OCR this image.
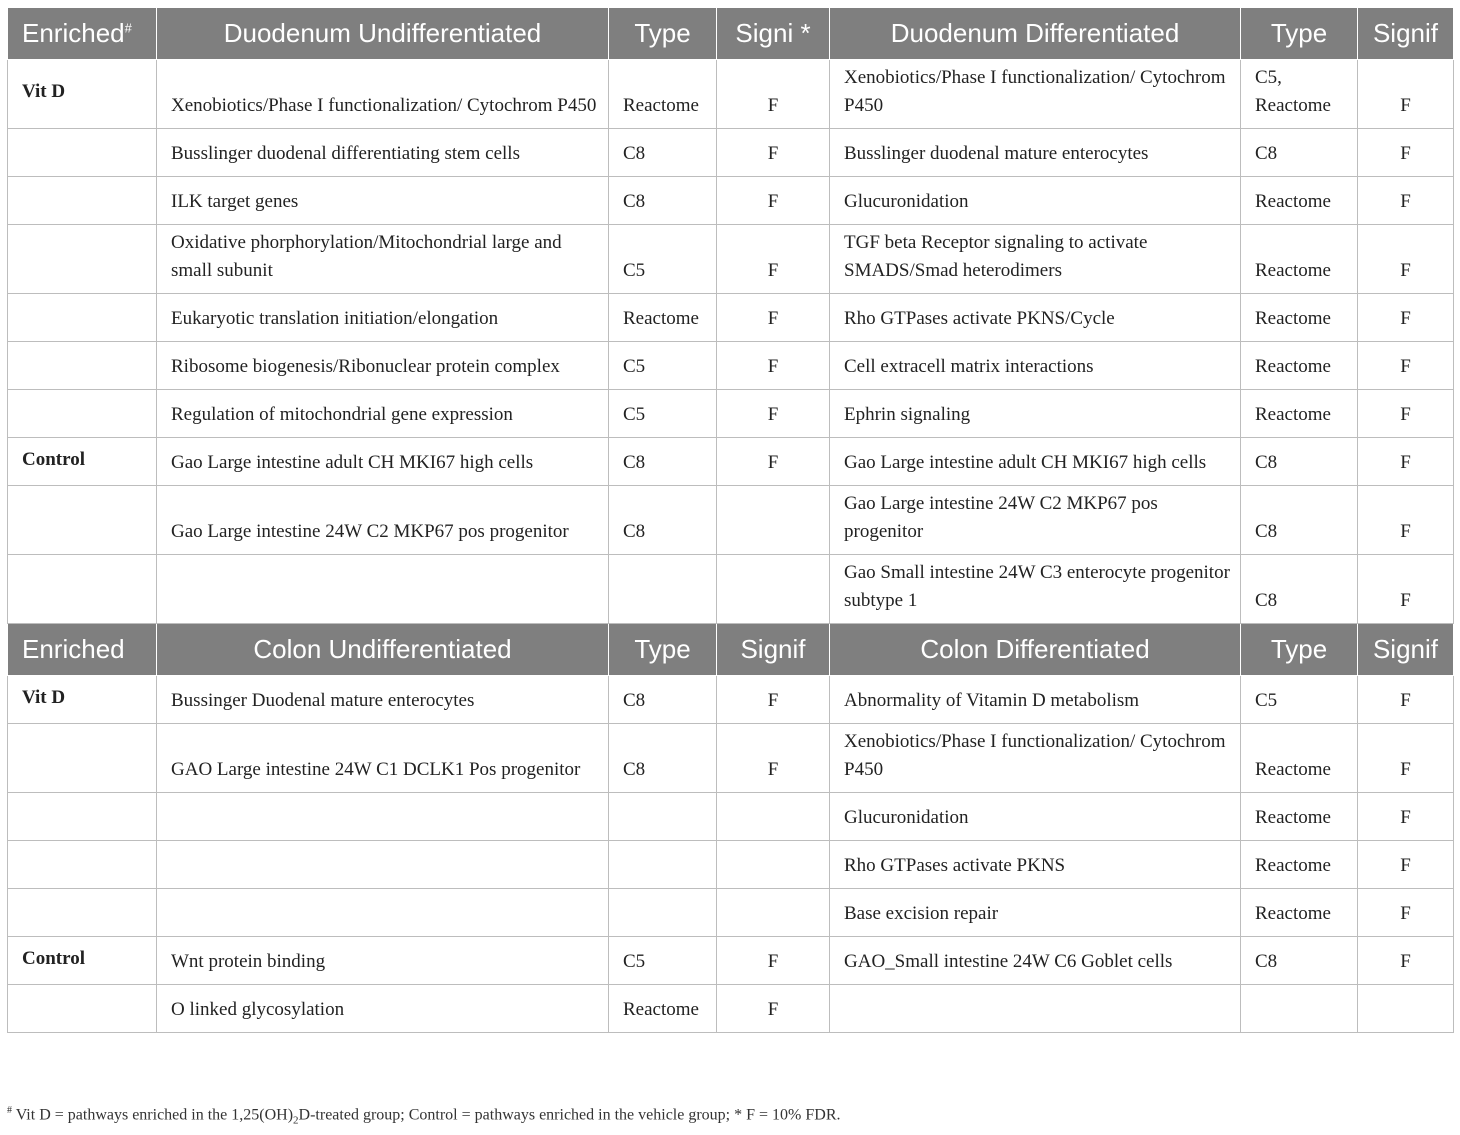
Enriched#	Duodenum Undifferentiated	Type	Signi *	Duodenum Differentiated	Type	Signif
Vit D	Xenobiotics/Phase I functionalization/ Cytochrom P450	Reactome	F	Xenobiotics/Phase I functionalization/ Cytochrom P450	C5, Reactome	F
	Busslinger duodenal differentiating stem cells	C8	F	Busslinger duodenal mature enterocytes	C8	F
	ILK target genes	C8	F	Glucuronidation	Reactome	F
	Oxidative phorphorylation/Mitochondrial large and small subunit	C5	F	TGF beta Receptor signaling to activate SMADS/Smad heterodimers	Reactome	F
	Eukaryotic translation initiation/elongation	Reactome	F	Rho GTPases activate PKNS/Cycle	Reactome	F
	Ribosome biogenesis/Ribonuclear protein complex	C5	F	Cell extracell matrix interactions	Reactome	F
	Regulation of mitochondrial gene expression	C5	F	Ephrin signaling	Reactome	F
Control	Gao Large intestine adult CH MKI67 high cells	C8	F	Gao Large intestine adult CH MKI67 high cells	C8	F
	Gao Large intestine 24W C2 MKP67 pos progenitor	C8		Gao Large intestine 24W C2 MKP67 pos progenitor	C8	F
				Gao Small intestine 24W C3 enterocyte progenitor subtype 1	C8	F
Enriched	Colon Undifferentiated	Type	Signif	Colon Differentiated	Type	Signif
Vit D	Bussinger Duodenal mature enterocytes	C8	F	Abnormality of Vitamin D metabolism	C5	F
	GAO Large intestine 24W C1 DCLK1 Pos progenitor	C8	F	Xenobiotics/Phase I functionalization/ Cytochrom P450	Reactome	F
				Glucuronidation	Reactome	F
				Rho GTPases activate PKNS	Reactome	F
				Base excision repair	Reactome	F
Control	Wnt protein binding	C5	F	GAO_Small intestine 24W C6 Goblet cells	C8	F
	O linked glycosylation	Reactome	F			
# Vit D = pathways enriched in the $1,25(OH)_2D$-treated group; Control = pathways enriched in the vehicle group; * F = 10% FDR.
